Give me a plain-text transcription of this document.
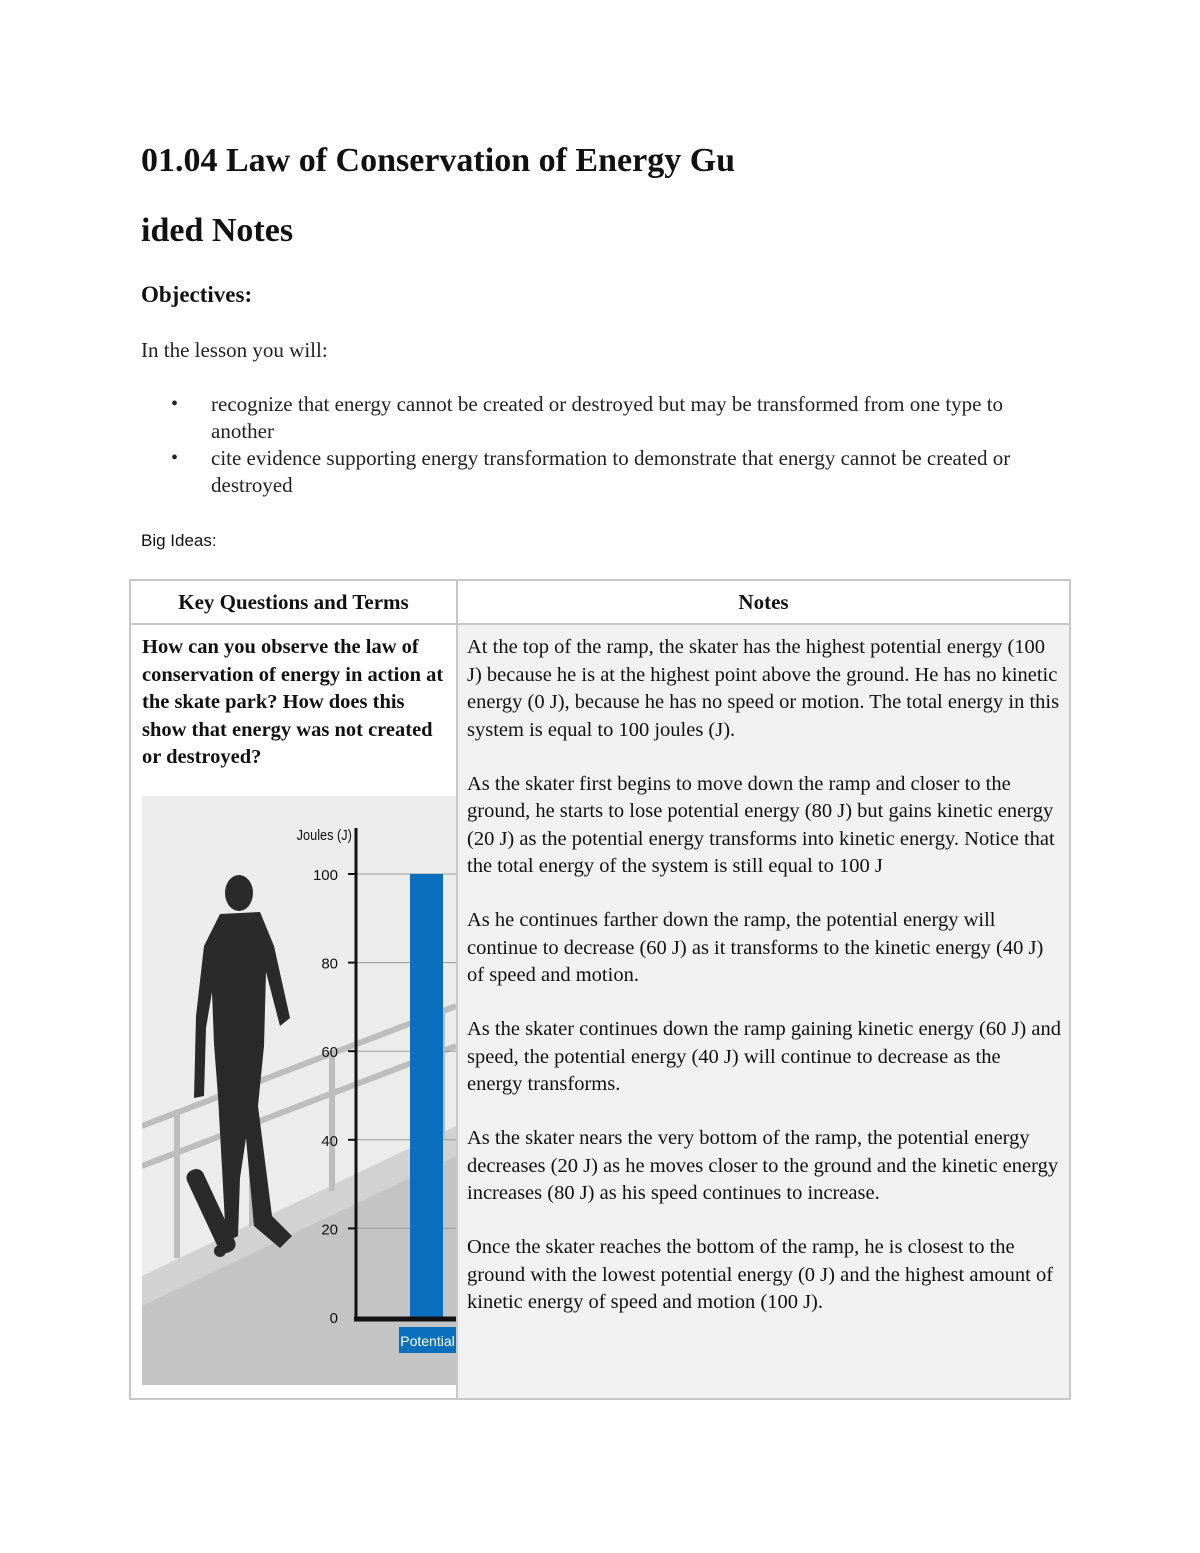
01.04 Law of Conservation of Energy Gu
ided Notes
Objectives:

In the lesson you will:

• recognize that energy cannot be created or destroyed but may be transformed from one type to another
• cite evidence supporting energy transformation to demonstrate that energy cannot be created or destroyed

Big Ideas:

Key Questions and Terms	Notes

How can you observe the law of conservation of energy in action at the skate park? How does this show that energy was not created or destroyed?

Potential
0
20
40
60
80
100
Joules (J)

At the top of the ramp, the skater has the highest potential energy (100 J) because he is at the highest point above the ground. He has no kinetic energy (0 J), because he has no speed or motion. The total energy in this system is equal to 100 joules (J).

As the skater first begins to move down the ramp and closer to the ground, he starts to lose potential energy (80 J) but gains kinetic energy (20 J) as the potential energy transforms into kinetic energy. Notice that the total energy of the system is still equal to 100 J

As he continues farther down the ramp, the potential energy will continue to decrease (60 J) as it transforms to the kinetic energy (40 J) of speed and motion.

As the skater continues down the ramp gaining kinetic energy (60 J) and speed, the potential energy (40 J) will continue to decrease as the energy transforms.

As the skater nears the very bottom of the ramp, the potential energy decreases (20 J) as he moves closer to the ground and the kinetic energy increases (80 J) as his speed continues to increase.

Once the skater reaches the bottom of the ramp, he is closest to the ground with the lowest potential energy (0 J) and the highest amount of kinetic energy of speed and motion (100 J).
